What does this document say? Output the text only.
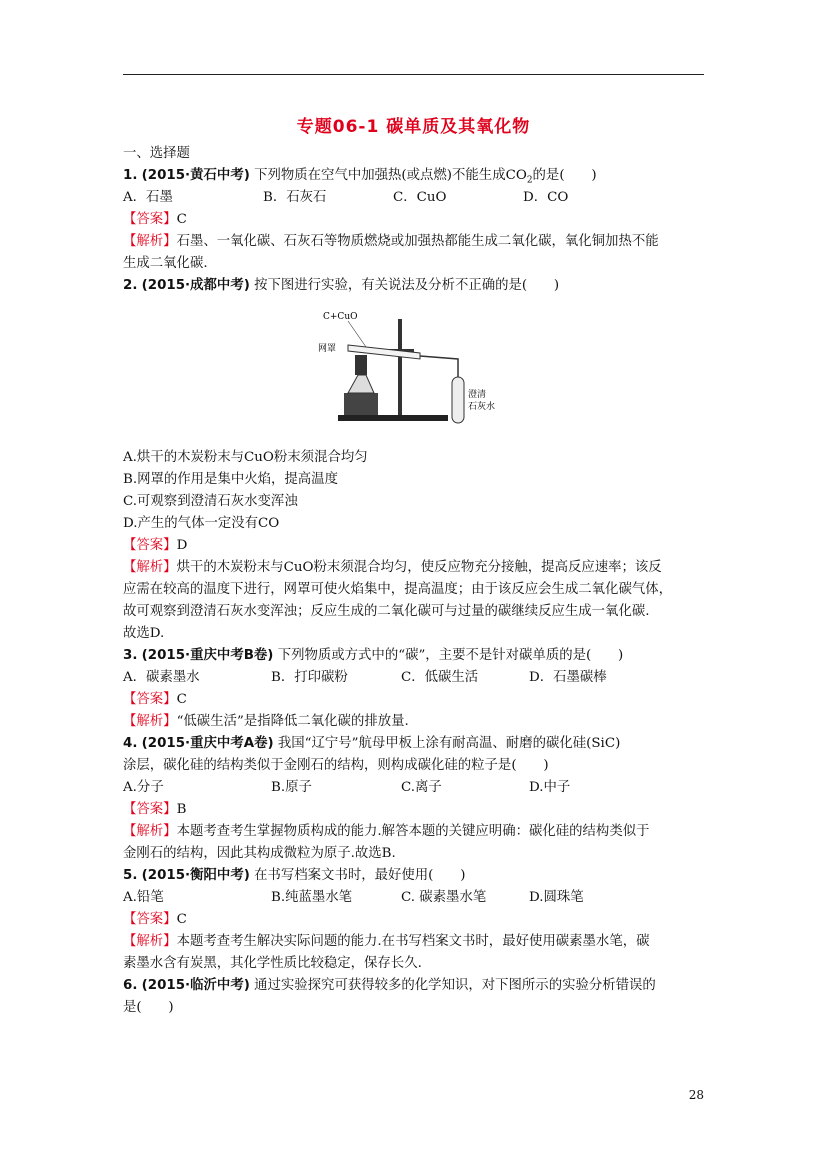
专题06-1 碳单质及其氧化物
一、选择题
1. (2015·黄石中考) 下列物质在空气中加强热(或点燃)不能生成$CO_2$的是(　　)
A．石墨	B．石灰石	C．CuO	D．CO
【答案】C
【解析】石墨、一氧化碳、石灰石等物质燃烧或加强热都能生成二氧化碳，氧化铜加热不能
生成二氧化碳.
2. (2015·成都中考) 按下图进行实验，有关说法及分析不正确的是(　　)
C+CuO
网罩
澄清
石灰水
A.烘干的木炭粉末与CuO粉末须混合均匀
B.网罩的作用是集中火焰，提高温度
C.可观察到澄清石灰水变浑浊
D.产生的气体一定没有CO
【答案】D
【解析】烘干的木炭粉末与CuO粉末须混合均匀，使反应物充分接触，提高反应速率；该反
应需在较高的温度下进行，网罩可使火焰集中，提高温度；由于该反应会生成二氧化碳气体，
故可观察到澄清石灰水变浑浊；反应生成的二氧化碳可与过量的碳继续反应生成一氧化碳.
故选D.
3. (2015·重庆中考B卷) 下列物质或方式中的“碳”，主要不是针对碳单质的是(　　)
A．碳素墨水	B．打印碳粉	C．低碳生活	D．石墨碳棒
【答案】C
【解析】“低碳生活”是指降低二氧化碳的排放量.
4. (2015·重庆中考A卷) 我国“辽宁号”航母甲板上涂有耐高温、耐磨的碳化硅(SiC)
涂层，碳化硅的结构类似于金刚石的结构，则构成碳化硅的粒子是(　　)
A.分子	B.原子	C.离子	D.中子
【答案】B
【解析】本题考查考生掌握物质构成的能力.解答本题的关键应明确：碳化硅的结构类似于
金刚石的结构，因此其构成微粒为原子.故选B.
5. (2015·衡阳中考) 在书写档案文书时，最好使用(　　)
A.铅笔	B.纯蓝墨水笔	C. 碳素墨水笔	D.圆珠笔
【答案】C
【解析】本题考查考生解决实际问题的能力.在书写档案文书时，最好使用碳素墨水笔，碳
素墨水含有炭黑，其化学性质比较稳定，保存长久.
6. (2015·临沂中考) 通过实验探究可获得较多的化学知识，对下图所示的实验分析错误的
是(　　)
28
